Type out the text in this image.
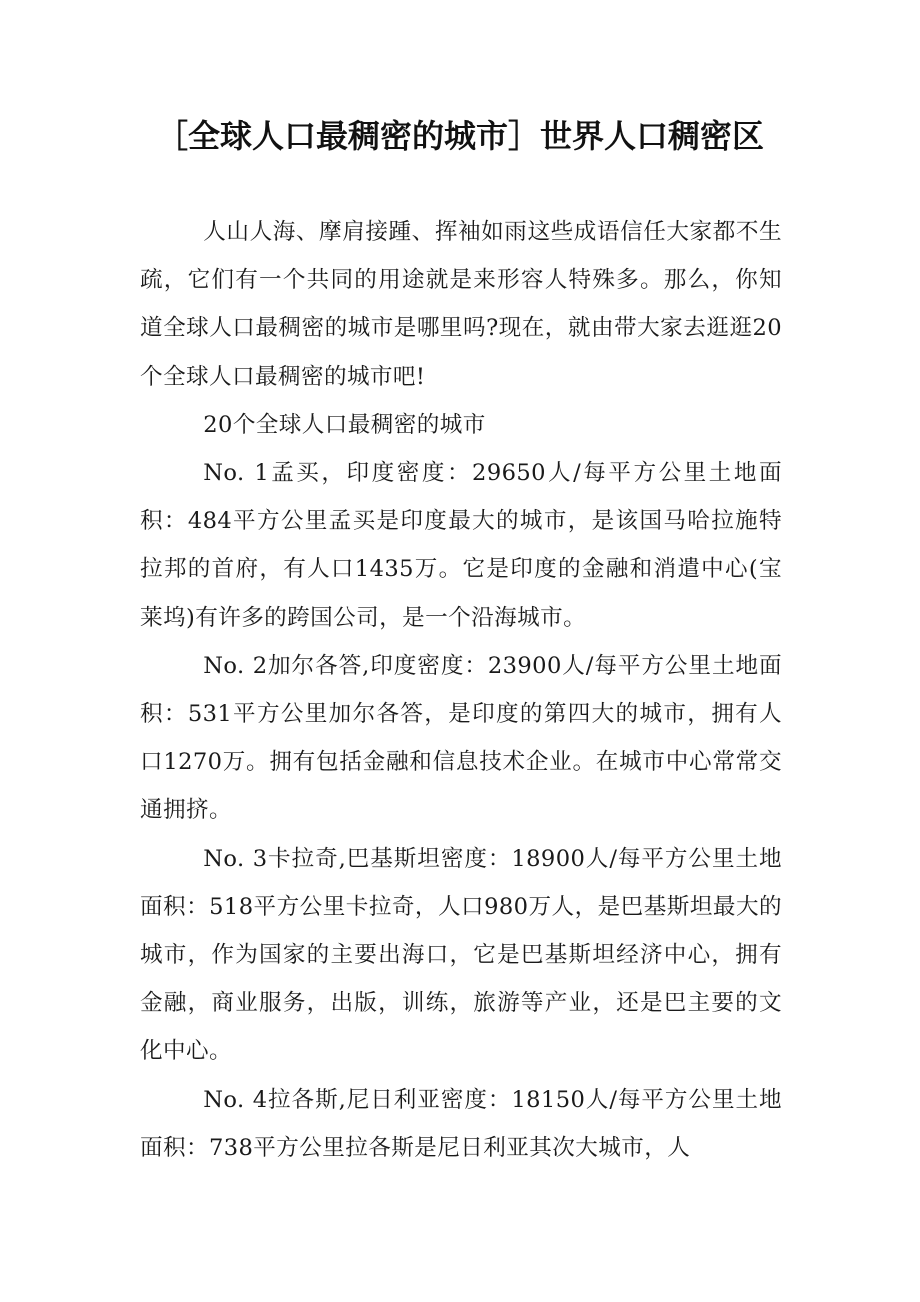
［全球人口最稠密的城市］世界人口稠密区

人山人海、摩肩接踵、挥袖如雨这些成语信任大家都不生疏，它们有一个共同的用途就是来形容人特殊多。那么，你知道全球人口最稠密的城市是哪里吗?现在，就由带大家去逛逛20个全球人口最稠密的城市吧!

20个全球人口最稠密的城市

No. 1孟买，印度密度：29650人/每平方公里土地面积：484平方公里孟买是印度最大的城市，是该国马哈拉施特拉邦的首府，有人口1435万。它是印度的金融和消遣中心(宝莱坞)有许多的跨国公司，是一个沿海城市。

No. 2加尔各答,印度密度：23900人/每平方公里土地面积：531平方公里加尔各答，是印度的第四大的城市，拥有人口1270万。拥有包括金融和信息技术企业。在城市中心常常交通拥挤。

No. 3卡拉奇,巴基斯坦密度：18900人/每平方公里土地面积：518平方公里卡拉奇，人口980万人，是巴基斯坦最大的城市，作为国家的主要出海口，它是巴基斯坦经济中心，拥有金融，商业服务，出版，训练，旅游等产业，还是巴主要的文化中心。

No. 4拉各斯,尼日利亚密度：18150人/每平方公里土地面积：738平方公里拉各斯是尼日利亚其次大城市，人
